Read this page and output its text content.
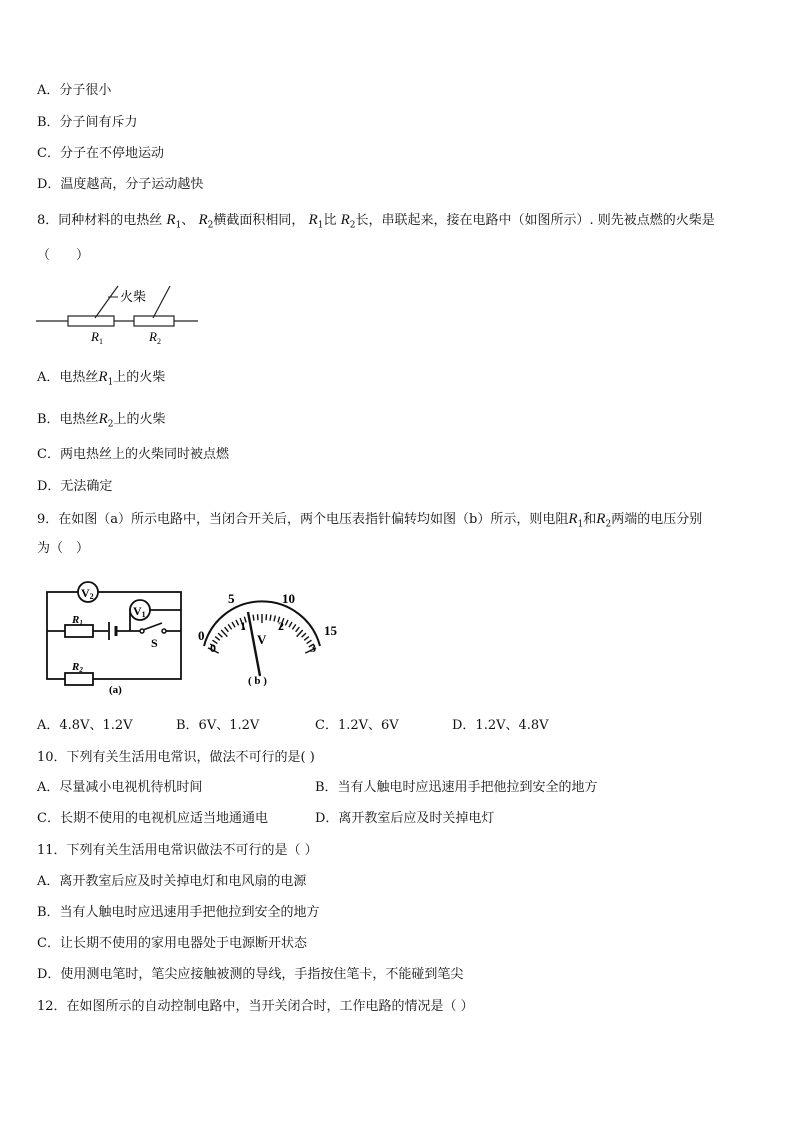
A．分子很小
B．分子间有斥力
C．分子在不停地运动
D．温度越高，分子运动越快
8．同种材料的电热丝 $R_1$、 $R_2$横截面积相同， $R_1$比 $R_2$长，串联起来，接在电路中（如图所示）. 则先被点燃的火柴是
（　　）
火柴
$R_1$	$R_2$
A．电热丝$R_1$上的火柴
B．电热丝$R_2$上的火柴
C．两电热丝上的火柴同时被点燃
D．无法确定
9．在如图（a）所示电路中，当闭合开关后，两个电压表指针偏转均如图（b）所示，则电阻$R_1$和$R_2$两端的电压分别
为（　）
V2
V1
R1
R2
S
(a)
0
5	10
15
0
1	2
3
V
( b )
A．4.8V、1.2V	B．6V、1.2V	C．1.2V、6V	D．1.2V、4.8V
10．下列有关生活用电常识，做法不可行的是( )
A．尽量减小电视机待机时间	B．当有人触电时应迅速用手把他拉到安全的地方
C．长期不使用的电视机应适当地通通电	D．离开教室后应及时关掉电灯
11．下列有关生活用电常识做法不可行的是（ ）
A．离开教室后应及时关掉电灯和电风扇的电源
B．当有人触电时应迅速用手把他拉到安全的地方
C．让长期不使用的家用电器处于电源断开状态
D．使用测电笔时，笔尖应接触被测的导线，手指按住笔卡，不能碰到笔尖
12．在如图所示的自动控制电路中，当开关闭合时，工作电路的情况是（ ）
